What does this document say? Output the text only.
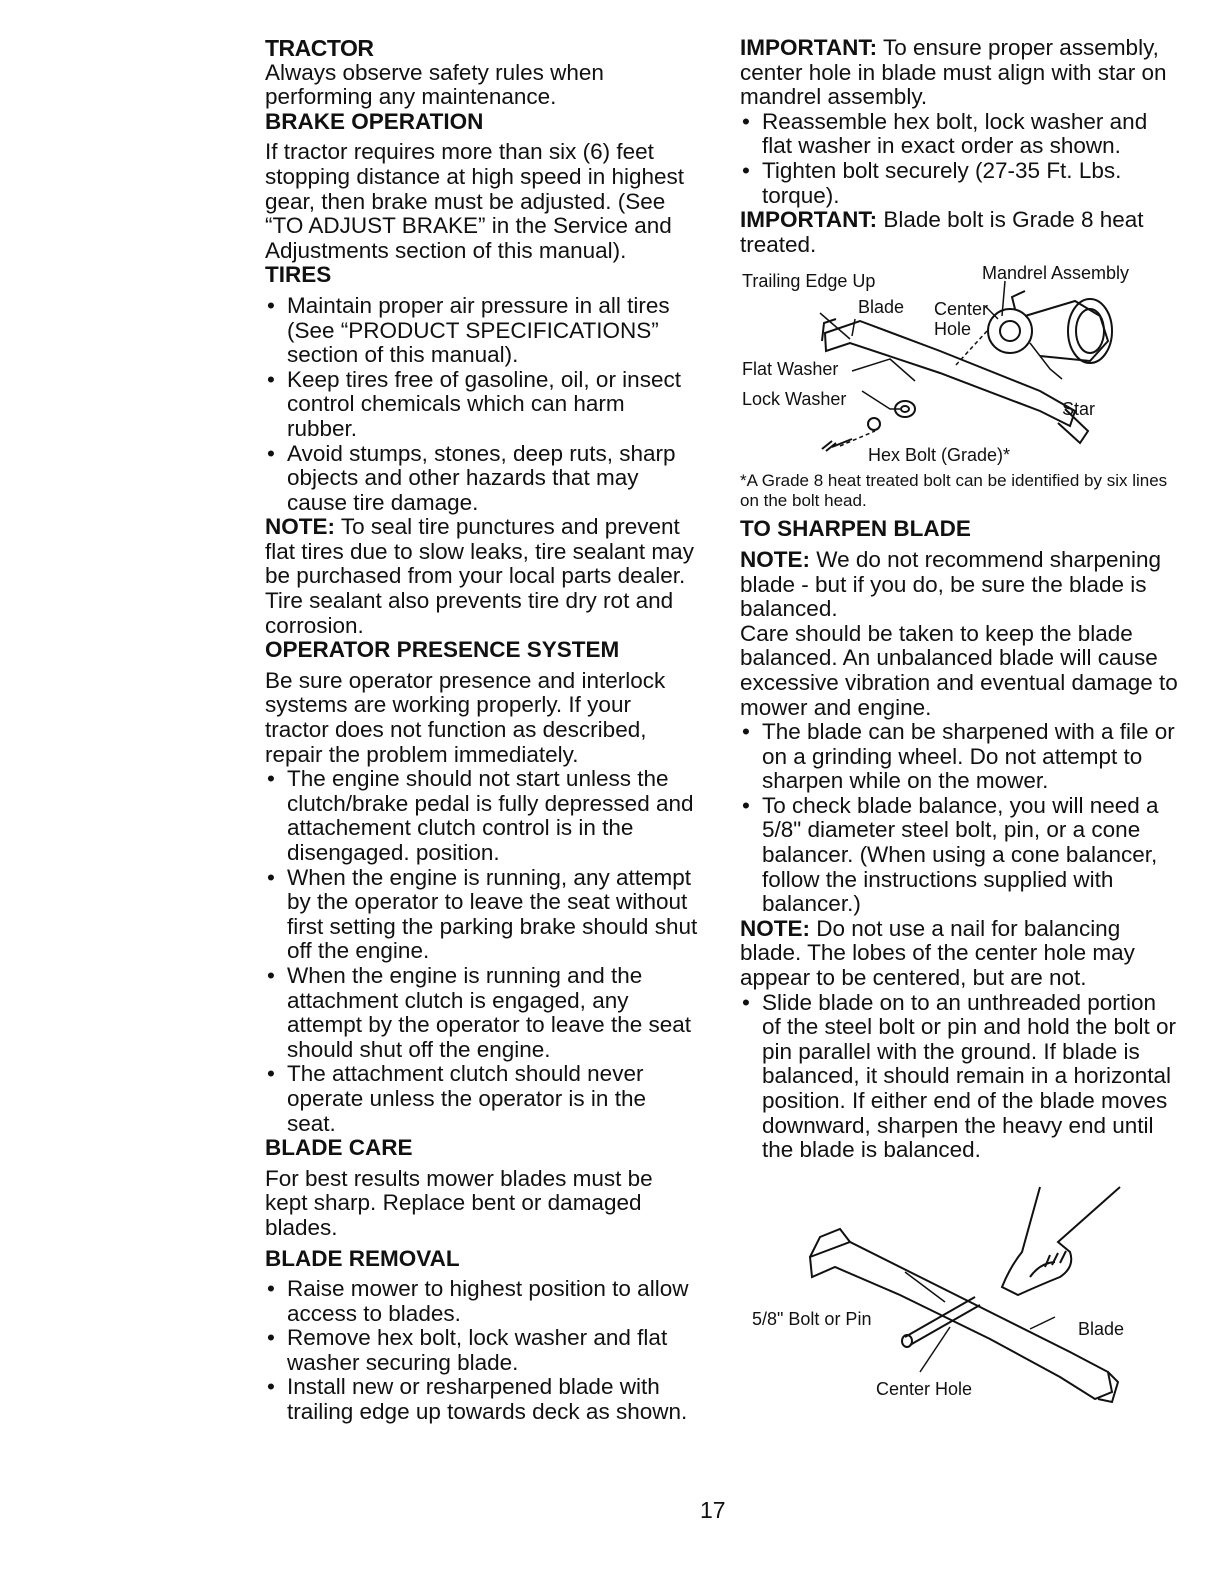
TRACTOR

Always observe safety rules when performing any maintenance.

BRAKE OPERATION

If tractor requires more than six (6) feet stopping distance at high speed in highest gear, then brake must be adjusted. (See “TO ADJUST BRAKE” in the Service and Adjustments section of this manual).

TIRES

• Maintain proper air pressure in all tires (See “PRODUCT SPECIFICATIONS” section of this manual).
• Keep tires free of gasoline, oil, or insect control chemicals which can harm rubber.
• Avoid stumps, stones, deep ruts, sharp objects and other hazards that may cause tire damage.

NOTE: To seal tire punctures and prevent flat tires due to slow leaks, tire sealant may be purchased from your local parts dealer. Tire sealant also prevents tire dry rot and corrosion.

OPERATOR PRESENCE SYSTEM

Be sure operator presence and interlock systems are working properly. If your tractor does not function as described, repair the problem immediately.

• The engine should not start unless the clutch/brake pedal is fully depressed and attachement clutch control is in the disengaged. position.
• When the engine is running, any attempt by the operator to leave the seat without first setting the parking brake should shut off the engine.
• When the engine is running and the attachment clutch is engaged, any attempt by the operator to leave the seat should shut off the engine.
• The attachment clutch should never operate unless the operator is in the seat.

BLADE CARE

For best results mower blades must be kept sharp. Replace bent or damaged blades.

BLADE REMOVAL

• Raise mower to highest position to allow access to blades.
• Remove hex bolt, lock washer and flat washer securing blade.
• Install new or resharpened blade with trailing edge up towards deck as shown.

IMPORTANT: To ensure proper assembly, center hole in blade must align with star on mandrel assembly.

• Reassemble hex bolt, lock washer and flat washer in exact order as shown.
• Tighten bolt securely (27-35 Ft. Lbs. torque).

IMPORTANT: Blade bolt is Grade 8 heat treated.

Trailing Edge Up	Mandrel Assembly
Blade Center
Hole
Flat Washer
Lock Washer	Star
Hex Bolt (Grade)*

*A Grade 8 heat treated bolt can be identified by six lines on the bolt head.

TO SHARPEN BLADE

NOTE: We do not recommend sharpening blade - but if you do, be sure the blade is balanced.

Care should be taken to keep the blade balanced. An unbalanced blade will cause excessive vibration and eventual damage to mower and engine.

• The blade can be sharpened with a file or on a grinding wheel. Do not attempt to sharpen while on the mower.
• To check blade balance, you will need a 5/8" diameter steel bolt, pin, or a cone balancer. (When using a cone balancer, follow the instructions supplied with balancer.)

NOTE: Do not use a nail for balancing blade. The lobes of the center hole may appear to be centered, but are not.

• Slide blade on to an unthreaded portion of the steel bolt or pin and hold the bolt or pin parallel with the ground. If blade is balanced, it should remain in a horizontal position. If either end of the blade moves downward, sharpen the heavy end until the blade is balanced.
5/8" Bolt or Pin	Blade
Center Hole
17
